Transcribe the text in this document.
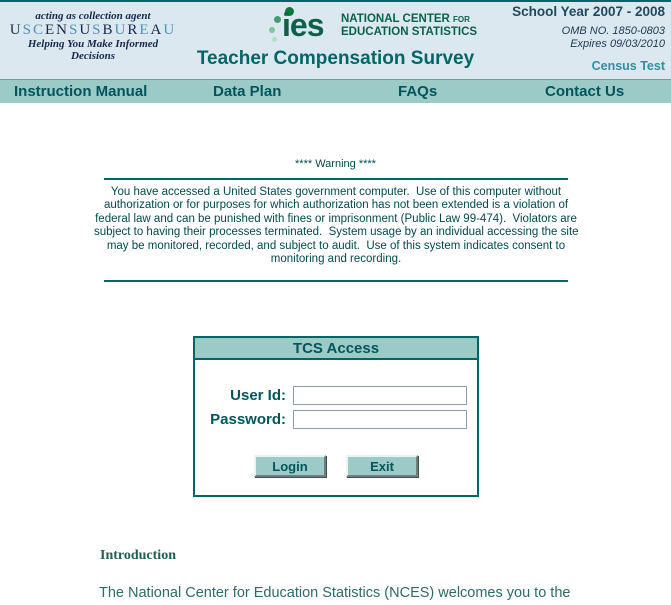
acting as collection agent
USCENSUSBUREAU
Helping You Make Informed Decisions
ies NATIONAL CENTER FOR
EDUCATION STATISTICS
Teacher Compensation Survey
School Year 2007 - 2008
OMB NO. 1850-0803
Expires 09/03/2010
Census Test
Instruction Manual	Data Plan	FAQs	Contact Us
**** Warning ****
You have accessed a United States government computer.  Use of this computer without
authorization or for purposes for which authorization has not been extended is a violation of
federal law and can be punished with fines or imprisonment (Public Law 99-474).  Violators are
subject to having their processes terminated.  System usage by an individual accessing the site
may be monitored, recorded, and subject to audit.  Use of this system indicates consent to
monitoring and recording.
TCS Access
User Id:
Password:
Login	Exit
Introduction
The National Center for Education Statistics (NCES) welcomes you to the
